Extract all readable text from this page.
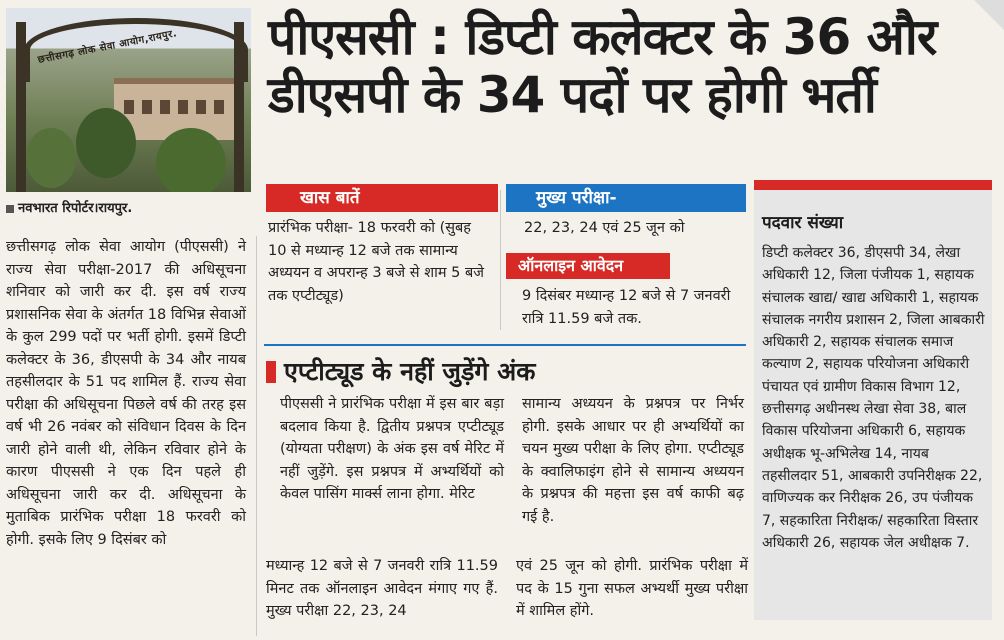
छत्तीसगढ़ लोक सेवा आयोग,रायपुर.
नवभारत रिपोर्टर।रायपुर.
पीएससी : डिप्टी कलेक्टर के 36 और डीएसपी के 34 पदों पर होगी भर्ती
छत्तीसगढ़ लोक सेवा आयोग (पीएससी) ने राज्य सेवा परीक्षा-2017 की अधिसूचना शनिवार को जारी कर दी. इस वर्ष राज्य प्रशासनिक सेवा के अंतर्गत 18 विभिन्न सेवाओं के कुल 299 पदों पर भर्ती होगी. इसमें डिप्टी कलेक्टर के 36, डीएसपी के 34 और नायब तहसीलदार के 51 पद शामिल हैं. राज्य सेवा परीक्षा की अधिसूचना पिछले वर्ष की तरह इस वर्ष भी 26 नवंबर को संविधान दिवस के दिन जारी होने वाली थी, लेकिन रविवार होने के कारण पीएससी ने एक दिन पहले ही अधिसूचना जारी कर दी. अधिसूचना के मुताबिक प्रारंभिक परीक्षा 18 फरवरी को होगी. इसके लिए 9 दिसंबर को
खास बातें	मुख्य परीक्षा-
प्रारंभिक परीक्षा- 18 फरवरी को (सुबह 10 से मध्यान्ह 12 बजे तक सामान्य अध्ययन व अपरान्ह 3 बजे से शाम 5 बजे तक एप्टीट्यूड)
22, 23, 24 एवं 25 जून को
ऑनलाइन आवेदन
9 दिसंबर मध्यान्ह 12 बजे से 7 जनवरी रात्रि 11.59 बजे तक.
एप्टीट्यूड के नहीं जुड़ेंगे अंक
पीएससी ने प्रारंभिक परीक्षा में इस बार बड़ा बदलाव किया है. द्वितीय प्रश्नपत्र एप्टीट्यूड (योग्यता परीक्षण) के अंक इस वर्ष मेरिट में नहीं जुड़ेंगे. इस प्रश्नपत्र में अभ्यर्थियों को केवल पासिंग मार्क्स लाना होगा. मेरिट
सामान्य अध्ययन के प्रश्नपत्र पर निर्भर होगी. इसके आधार पर ही अभ्यर्थियों का चयन मुख्य परीक्षा के लिए होगा. एप्टीट्यूड के क्वालिफाइंग होने से सामान्य अध्ययन के प्रश्नपत्र की महत्ता इस वर्ष काफी बढ़ गई है.
मध्यान्ह 12 बजे से 7 जनवरी रात्रि 11.59 मिनट तक ऑनलाइन आवेदन मंगाए गए हैं. मुख्य परीक्षा 22, 23, 24
एवं 25 जून को होगी. प्रारंभिक परीक्षा में पद के 15 गुना सफल अभ्यर्थी मुख्य परीक्षा में शामिल होंगे.
पदवार संख्या
डिप्टी कलेक्टर 36, डीएसपी 34, लेखा अधिकारी 12, जिला पंजीयक 1, सहायक संचालक खाद्य/ खाद्य अधिकारी 1, सहायक संचालक नगरीय प्रशासन 2, जिला आबकारी अधिकारी 2, सहायक संचालक समाज कल्याण 2, सहायक परियोजना अधिकारी पंचायत एवं ग्रामीण विकास विभाग 12, छत्तीसगढ़ अधीनस्थ लेखा सेवा 38, बाल विकास परियोजना अधिकारी 6, सहायक अधीक्षक भू-अभिलेख 14, नायब तहसीलदार 51, आबकारी उपनिरीक्षक 22, वाणिज्यक कर निरीक्षक 26, उप पंजीयक 7, सहकारिता निरीक्षक/ सहकारिता विस्तार अधिकारी 26, सहायक जेल अधीक्षक 7.
